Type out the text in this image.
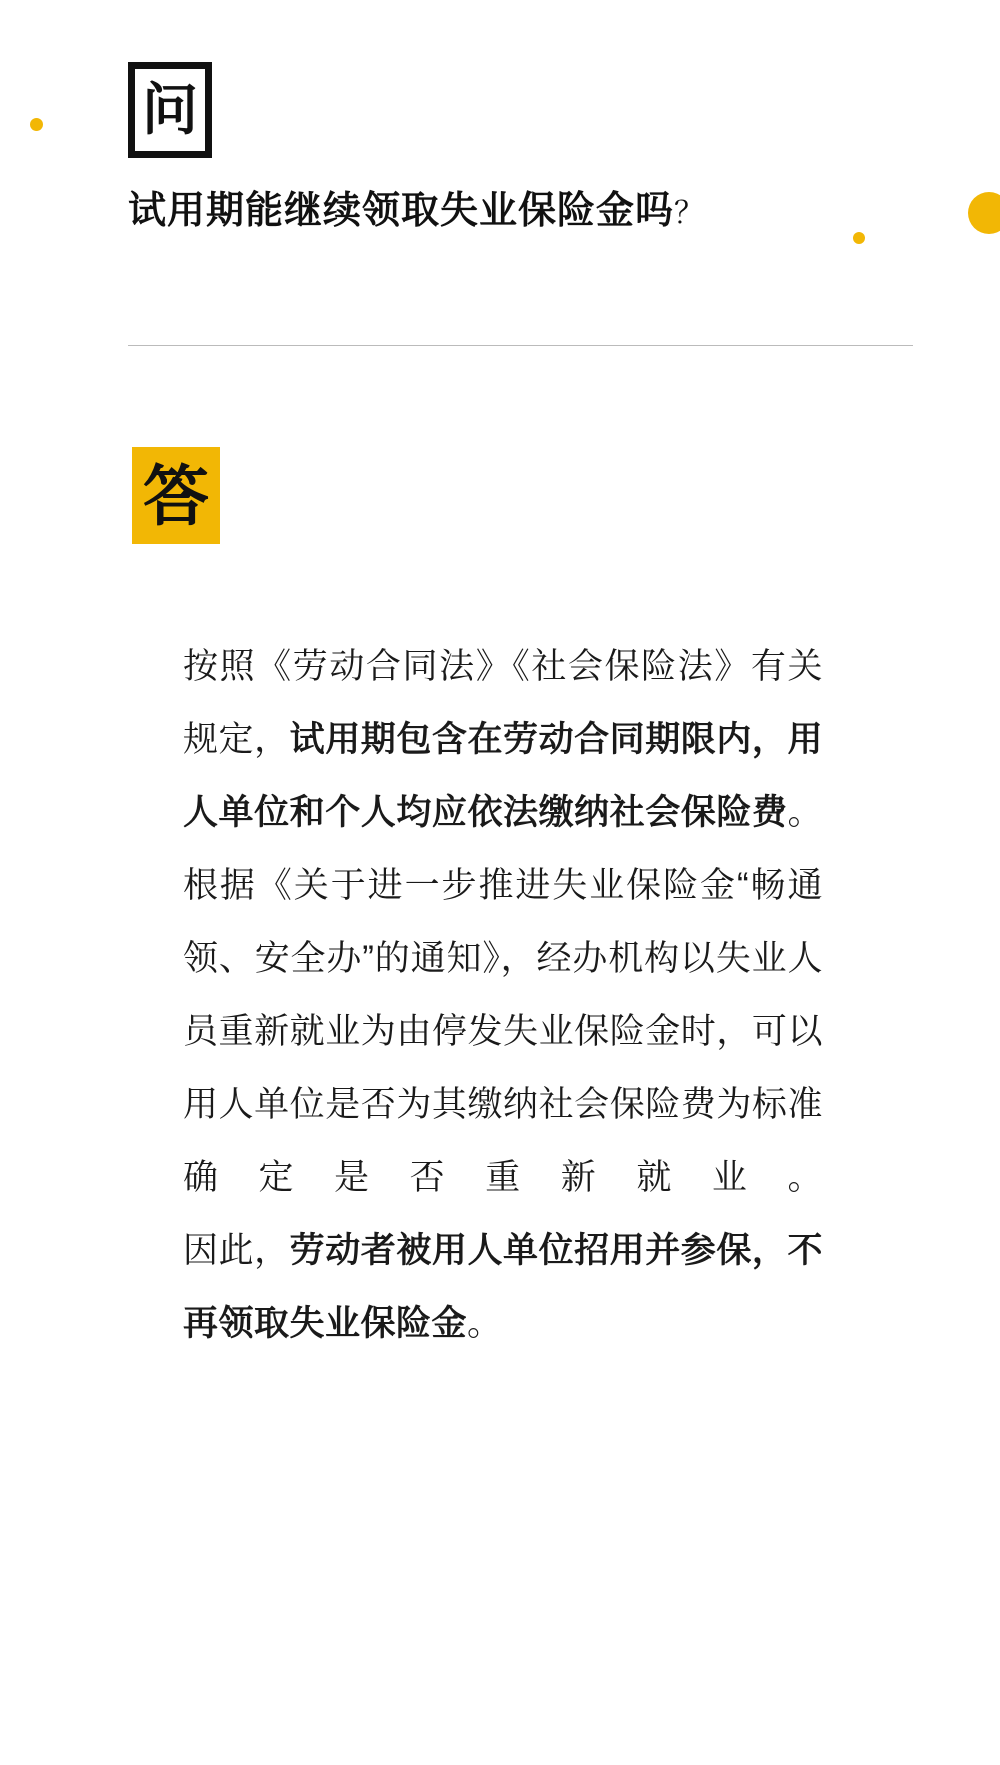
问
试用期能继续领取失业保险金吗？
答

按照《劳动合同法》《社会保险法》有关规定，试用期包含在劳动合同期限内，用人单位和个人均应依法缴纳社会保险费。

根据《关于进一步推进失业保险金“畅通领、安全办”的通知》，经办机构以失业人员重新就业为由停发失业保险金时，可以用人单位是否为其缴纳社会保险费为标准确定是否重新就业。

因此，劳动者被用人单位招用并参保，不再领取失业保险金。
